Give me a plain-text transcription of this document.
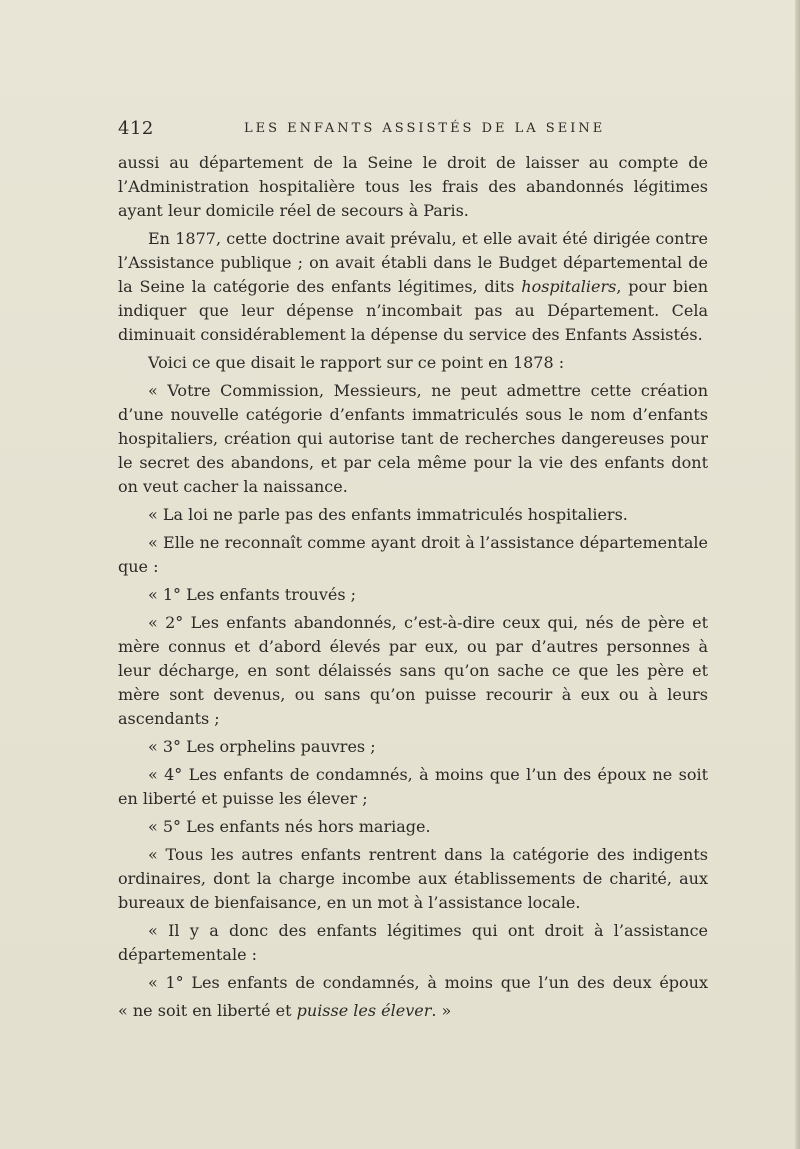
412	LES ENFANTS ASSISTÉS DE LA SEINE

aussi au département de la Seine le droit de laisser au compte de l’Administration hospitalière tous les frais des abandonnés légitimes ayant leur domicile réel de secours à Paris.

En 1877, cette doctrine avait prévalu, et elle avait été dirigée contre l’Assistance publique ; on avait établi dans le Budget départemental de la Seine la catégorie des enfants légitimes, dits hospitaliers, pour bien indiquer que leur dépense n’incombait pas au Département. Cela diminuait considérablement la dépense du service des Enfants Assistés.

Voici ce que disait le rapport sur ce point en 1878 :

« Votre Commission, Messieurs, ne peut admettre cette création d’une nouvelle catégorie d’enfants immatriculés sous le nom d’enfants hospitaliers, création qui autorise tant de recherches dangereuses pour le secret des abandons, et par cela même pour la vie des enfants dont on veut cacher la naissance.

« La loi ne parle pas des enfants immatriculés hospitaliers.

« Elle ne reconnaît comme ayant droit à l’assistance départementale que :

« 1° Les enfants trouvés ;

« 2° Les enfants abandonnés, c’est-à-dire ceux qui, nés de père et mère connus et d’abord élevés par eux, ou par d’autres personnes à leur décharge, en sont délaissés sans qu’on sache ce que les père et mère sont devenus, ou sans qu’on puisse recourir à eux ou à leurs ascendants ;

« 3° Les orphelins pauvres ;

« 4° Les enfants de condamnés, à moins que l’un des époux ne soit en liberté et puisse les élever ;

« 5° Les enfants nés hors mariage.

« Tous les autres enfants rentrent dans la catégorie des indigents ordinaires, dont la charge incombe aux établissements de charité, aux bureaux de bienfaisance, en un mot à l’assistance locale.

« Il y a donc des enfants légitimes qui ont droit à l’assistance départementale :

« 1° Les enfants de condamnés, à moins que l’un des deux époux

« ne soit en liberté et puisse les élever. »
